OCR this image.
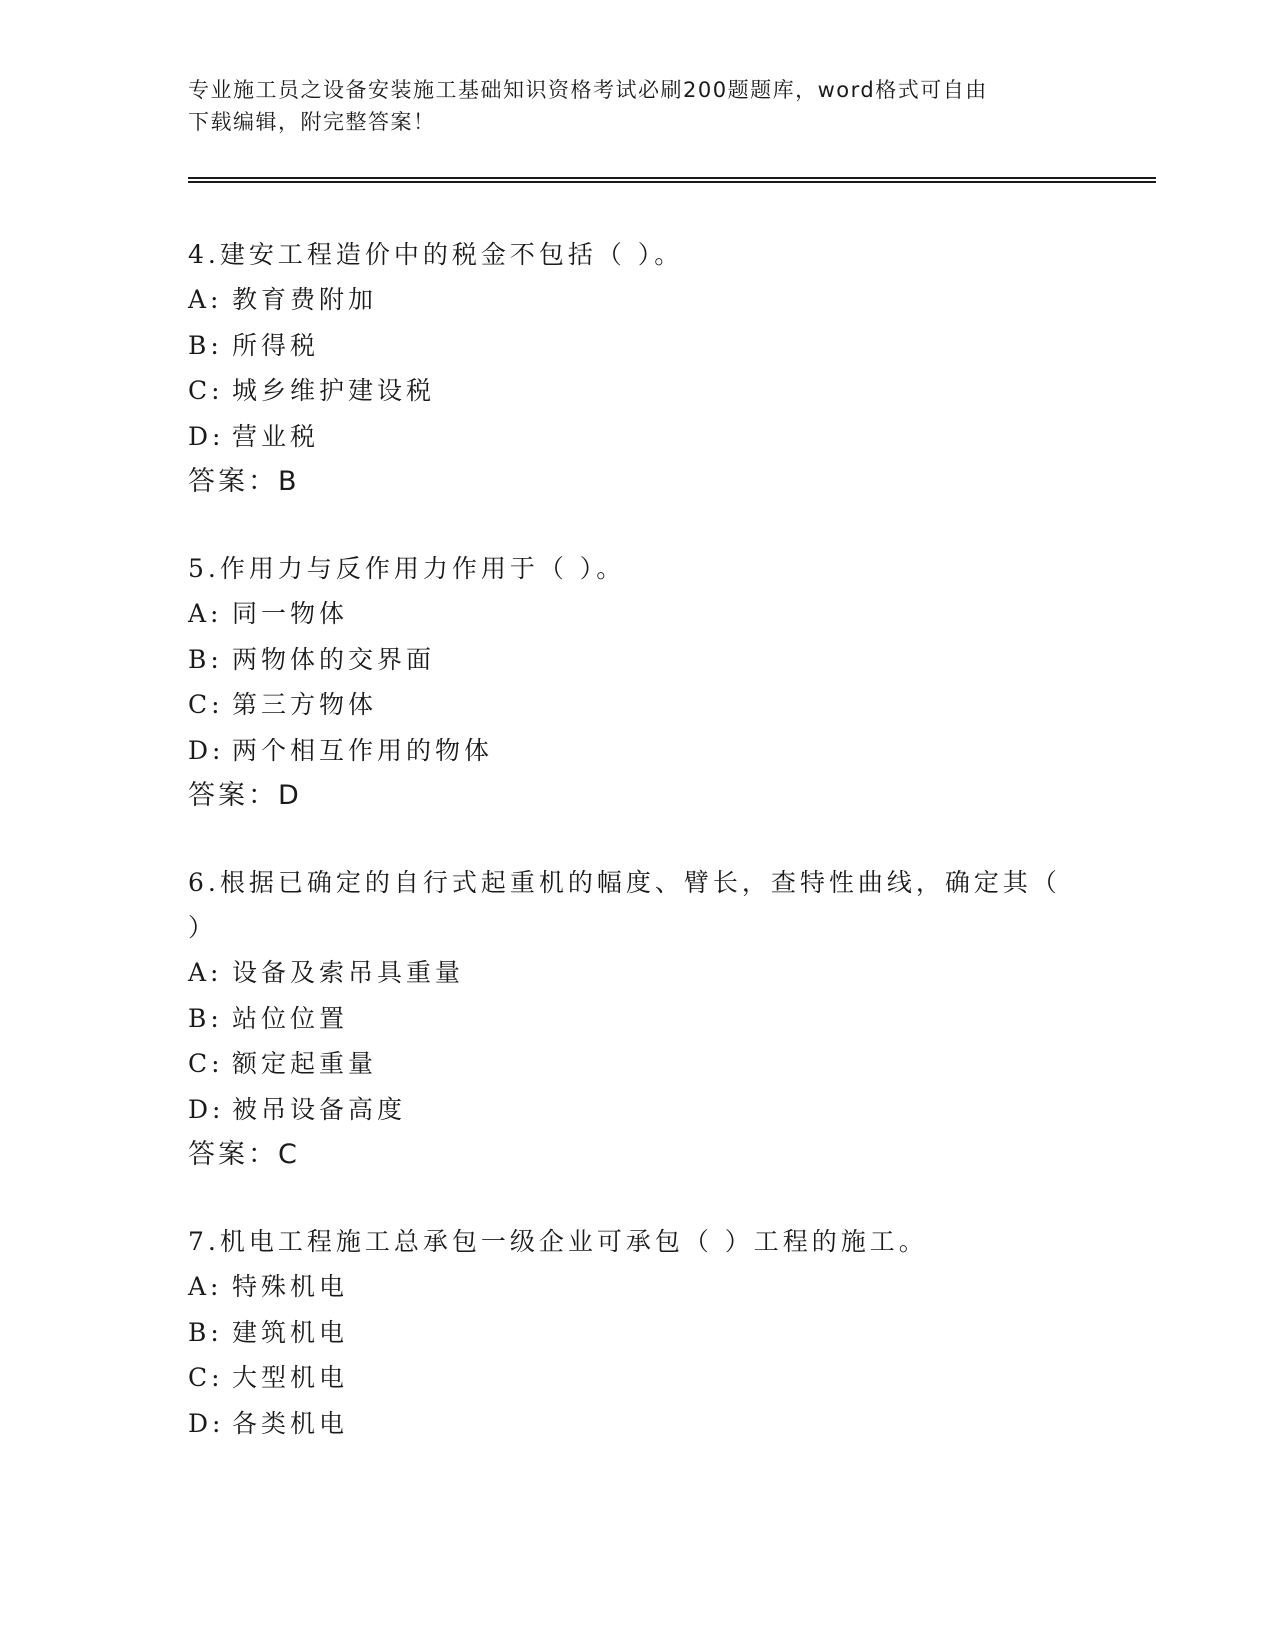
专业施工员之设备安装施工基础知识资格考试必刷200题题库，word格式可自由
下载编辑，附完整答案！

4.建安工程造价中的税金不包括（ ）。

A: 教育费附加

B: 所得税

C: 城乡维护建设税

D: 营业税

答案：B

5.作用力与反作用力作用于（ ）。

A: 同一物体

B: 两物体的交界面

C: 第三方物体

D: 两个相互作用的物体

答案：D

6.根据已确定的自行式起重机的幅度、臂长，查特性曲线，确定其（ ）

A: 设备及索吊具重量

B: 站位位置

C: 额定起重量

D: 被吊设备高度

答案：C

7.机电工程施工总承包一级企业可承包（ ）工程的施工。

A: 特殊机电

B: 建筑机电

C: 大型机电

D: 各类机电
